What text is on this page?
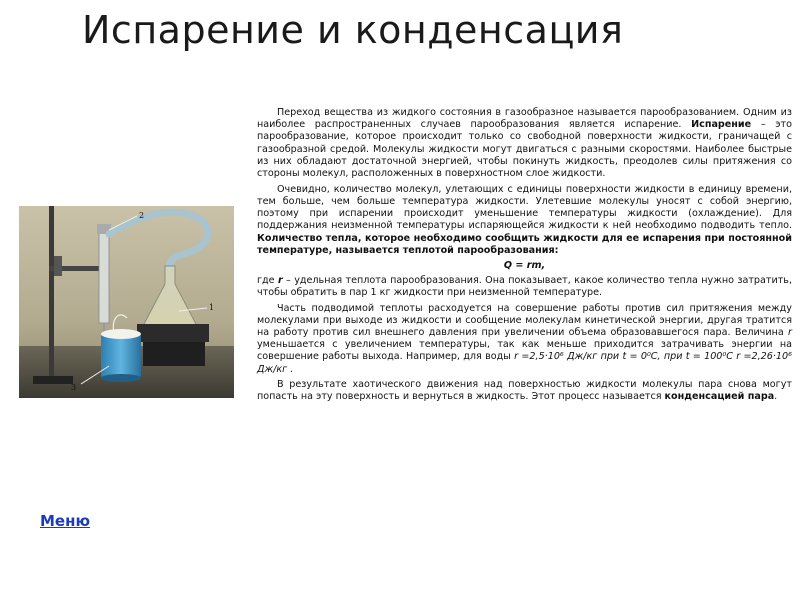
Испарение и конденсация
2
1
3

Переход вещества из жидкого состояния в газообразное называется парообразованием. Одним из наиболее распространенных случаев парообразования является испарение. Испарение – это парообразование, которое происходит только со свободной поверхности жидкости, граничащей с газообразной средой. Молекулы жидкости могут двигаться с разными скоростями. Наиболее быстрые из них обладают достаточной энергией, чтобы покинуть жидкость, преодолев силы притяжения со стороны молекул, расположенных в поверхностном слое жидкости.

Очевидно, количество молекул, улетающих с единицы поверхности жидкости в единицу времени, тем больше, чем больше температура жидкости. Улетевшие молекулы уносят с собой энергию, поэтому при испарении происходит уменьшение температуры жидкости (охлаждение). Для поддержания неизменной температуры испаряющейся жидкости к ней необходимо подводить тепло. Количество тепла, которое необходимо сообщить жидкости для ее испарения при постоянной температуре, называется теплотой парообразования:

Q = rm,

где r – удельная теплота парообразования. Она показывает, какое количество тепла нужно затратить, чтобы обратить в пар 1 кг жидкости при неизменной температуре.

Часть подводимой теплоты расходуется на совершение работы против сил притяжения между молекулами при выходе из жидкости и сообщение молекулам кинетической энергии, другая тратится на работу против сил внешнего давления при увеличении объема образовавшегося пара. Величина r уменьшается с увеличением температуры, так как меньше приходится затрачивать энергии на совершение работы выхода. Например, для воды r =2,5·10⁶ Дж/кг при t = 0⁰С, при t = 100⁰С r =2,26·10⁶ Дж/кг .

В результате хаотического движения над поверхностью жидкости молекулы пара снова могут попасть на эту поверхность и вернуться в жидкость. Этот процесс называется конденсацией пара.

Меню
